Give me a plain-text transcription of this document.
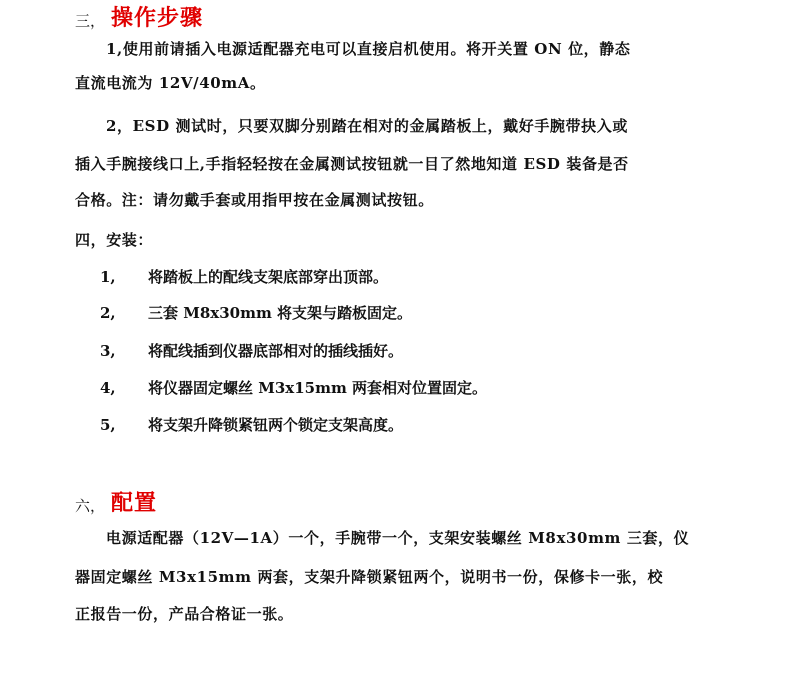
三， 操作步骤
1,使用前请插入电源适配器充电可以直接启机使用。将开关置 ON 位，静态
直流电流为 12V/40mA。
2，ESD 测试时，只要双脚分别踏在相对的金属踏板上，戴好手腕带抉入或
插入手腕接线口上,手指轻轻按在金属测试按钮就一目了然地知道 ESD 装备是否
合格。注：请勿戴手套或用指甲按在金属测试按钮。
四，安装：
1,	将踏板上的配线支架底部穿出顶部。
2,	三套 M8x30mm 将支架与踏板固定。
3,	将配线插到仪器底部相对的插线插好。
4,	将仪器固定螺丝 M3x15mm 两套相对位置固定。
5,	将支架升降锁紧钮两个锁定支架高度。
六， 配置
电源适配器（12V—1A）一个，手腕带一个，支架安装螺丝 M8x30mm 三套，仪
器固定螺丝 M3x15mm 两套，支架升降锁紧钮两个，说明书一份，保修卡一张，校
正报告一份，产品合格证一张。
